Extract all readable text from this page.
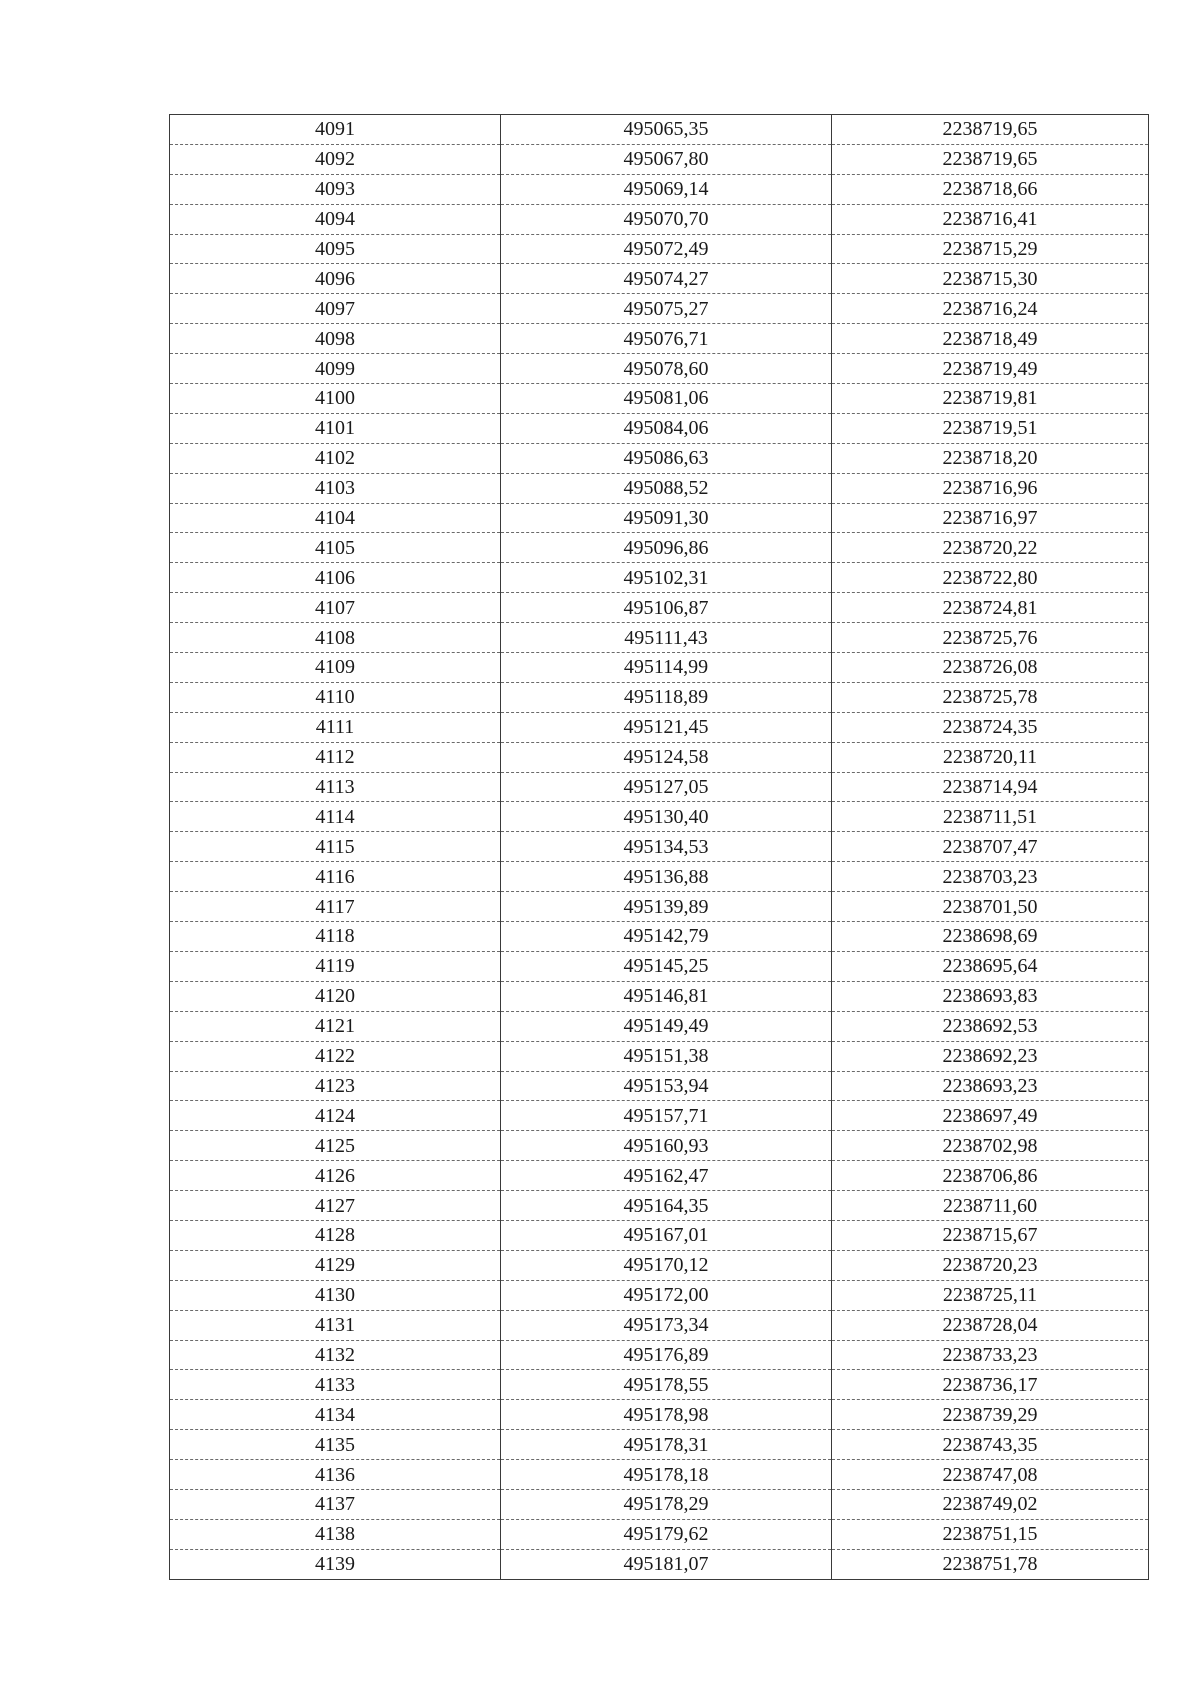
4091	495065,35	2238719,65
4092	495067,80	2238719,65
4093	495069,14	2238718,66
4094	495070,70	2238716,41
4095	495072,49	2238715,29
4096	495074,27	2238715,30
4097	495075,27	2238716,24
4098	495076,71	2238718,49
4099	495078,60	2238719,49
4100	495081,06	2238719,81
4101	495084,06	2238719,51
4102	495086,63	2238718,20
4103	495088,52	2238716,96
4104	495091,30	2238716,97
4105	495096,86	2238720,22
4106	495102,31	2238722,80
4107	495106,87	2238724,81
4108	495111,43	2238725,76
4109	495114,99	2238726,08
4110	495118,89	2238725,78
4111	495121,45	2238724,35
4112	495124,58	2238720,11
4113	495127,05	2238714,94
4114	495130,40	2238711,51
4115	495134,53	2238707,47
4116	495136,88	2238703,23
4117	495139,89	2238701,50
4118	495142,79	2238698,69
4119	495145,25	2238695,64
4120	495146,81	2238693,83
4121	495149,49	2238692,53
4122	495151,38	2238692,23
4123	495153,94	2238693,23
4124	495157,71	2238697,49
4125	495160,93	2238702,98
4126	495162,47	2238706,86
4127	495164,35	2238711,60
4128	495167,01	2238715,67
4129	495170,12	2238720,23
4130	495172,00	2238725,11
4131	495173,34	2238728,04
4132	495176,89	2238733,23
4133	495178,55	2238736,17
4134	495178,98	2238739,29
4135	495178,31	2238743,35
4136	495178,18	2238747,08
4137	495178,29	2238749,02
4138	495179,62	2238751,15
4139	495181,07	2238751,78
